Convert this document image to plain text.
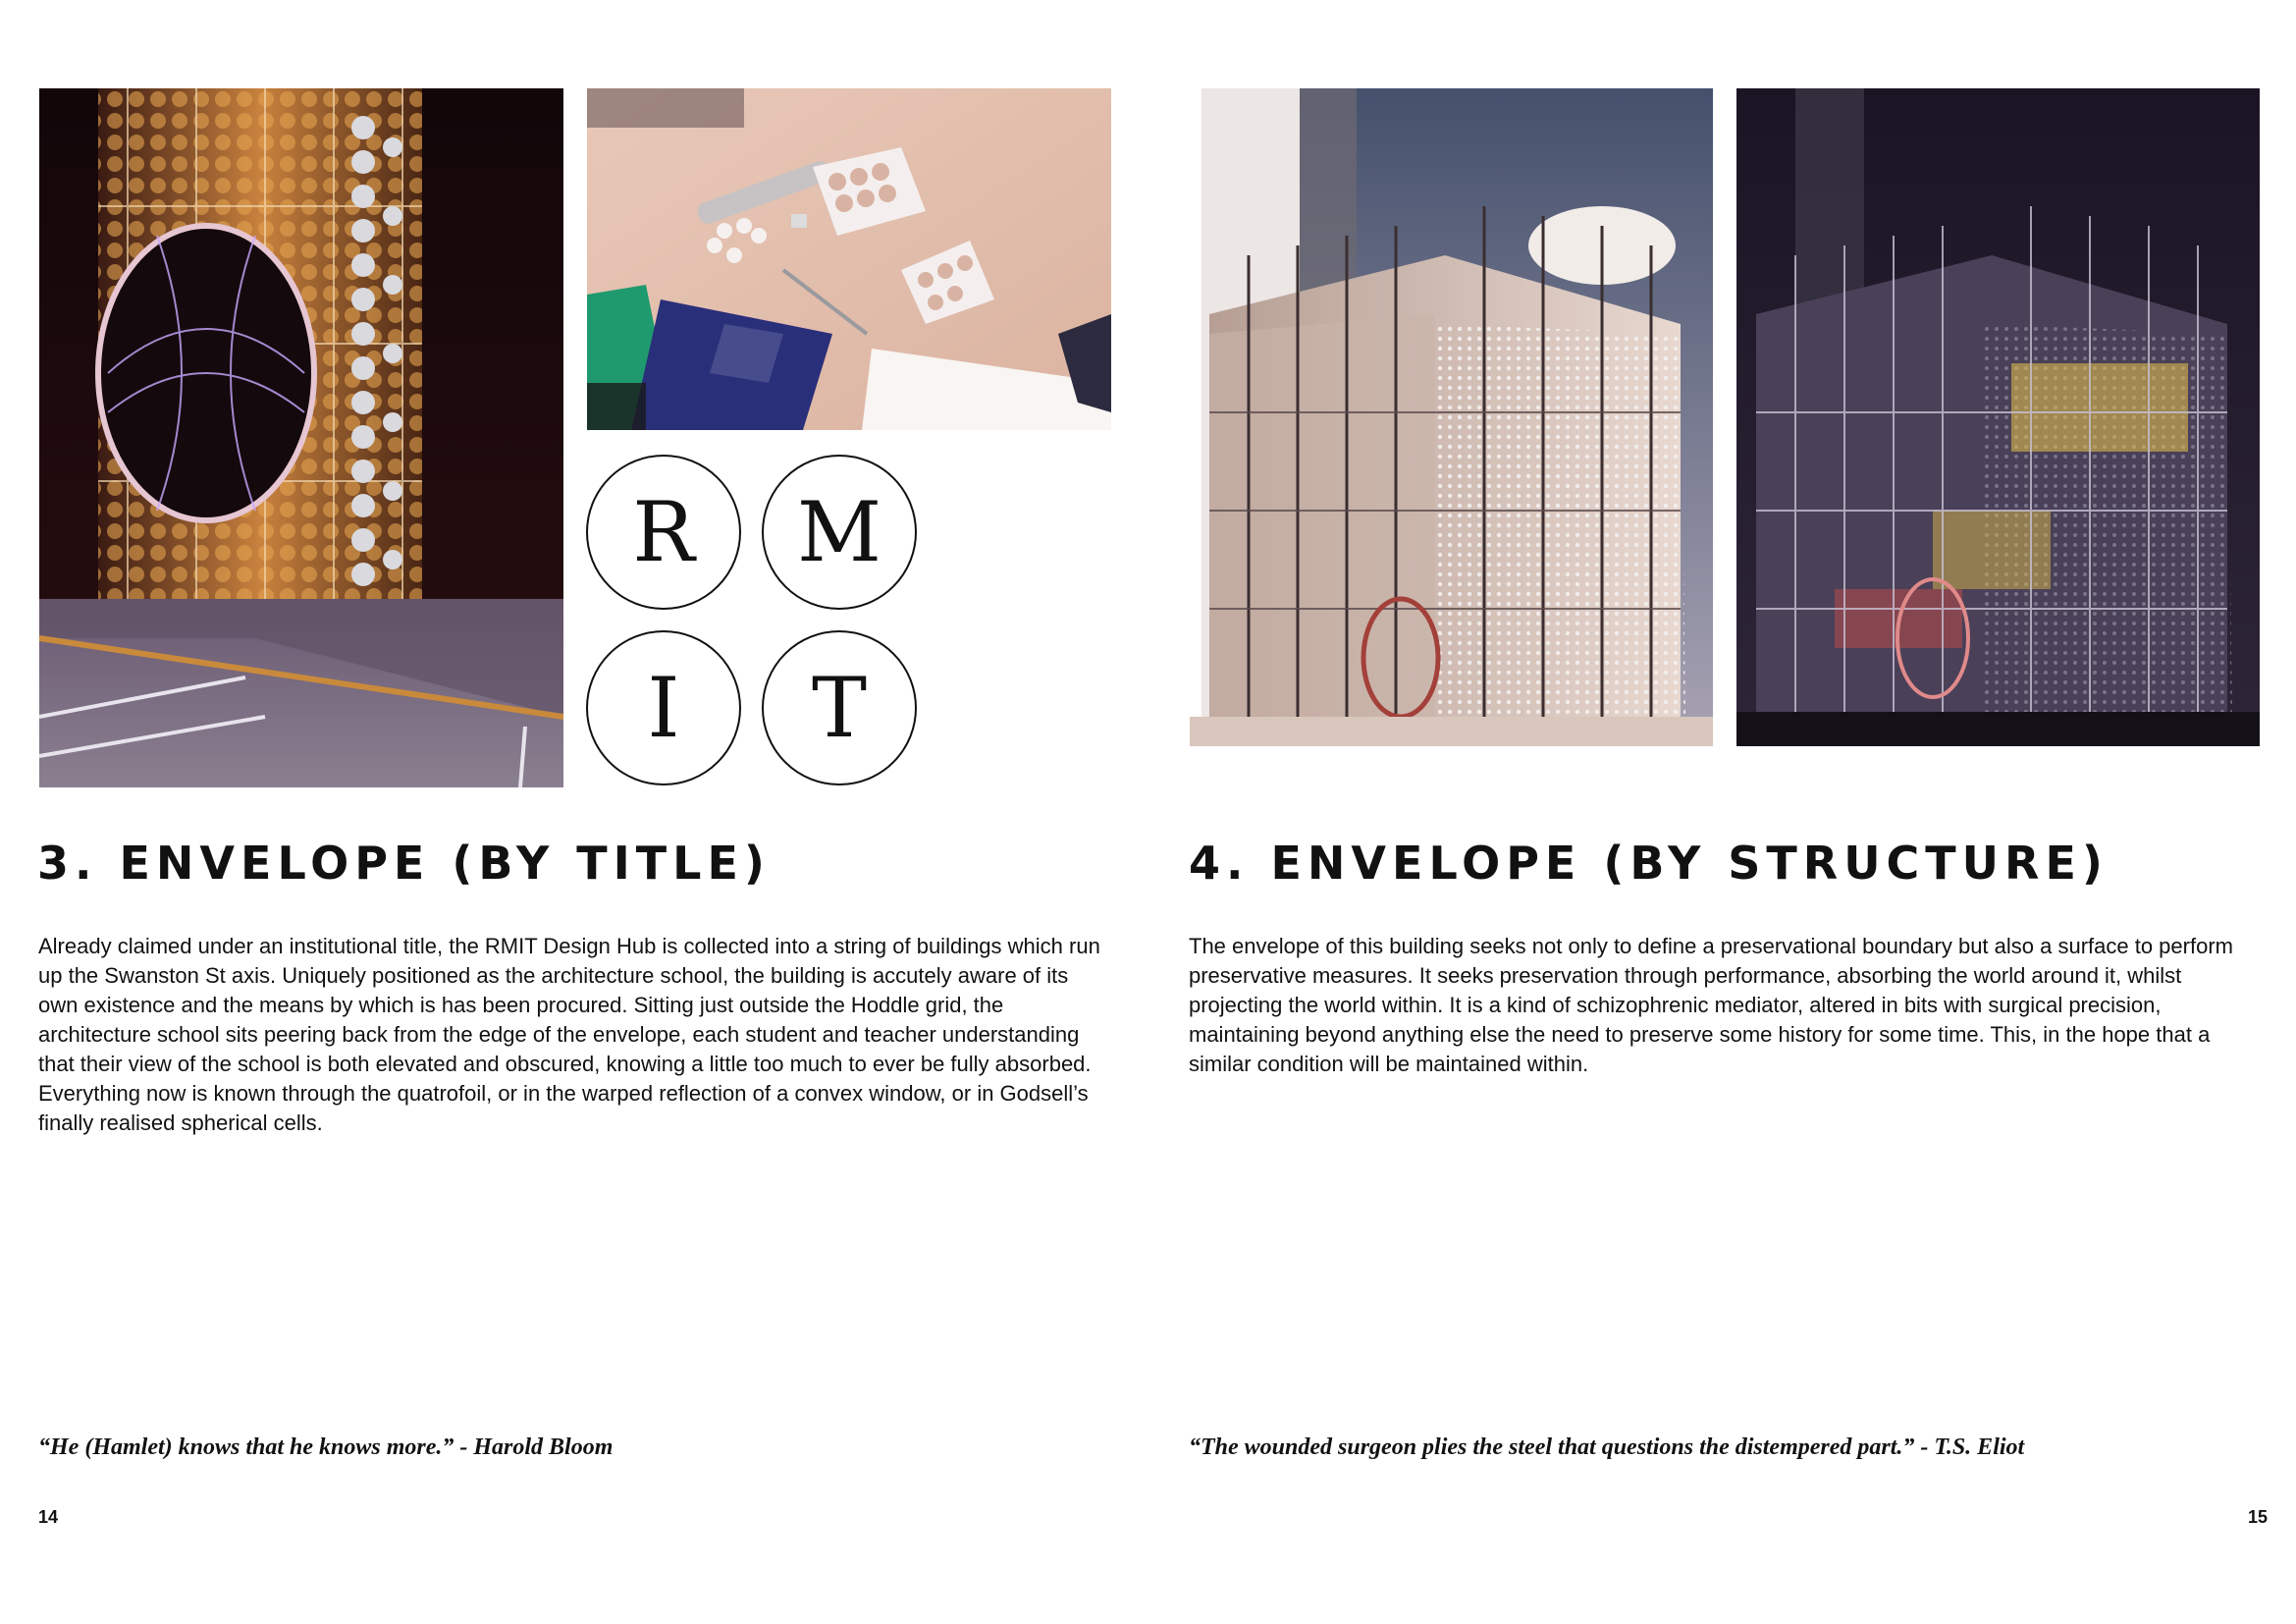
R	M
I	T
3. ENVELOPE (BY TITLE)	4. ENVELOPE (BY STRUCTURE)
Already claimed under an institutional title, the RMIT Design Hub is collected into a string of buildings which run up the Swanston St axis. Uniquely positioned as the architecture school, the building is accutely aware of its own existence and the means by which is has been procured. Sitting just outside the Hoddle grid, the architecture school sits peering back from the edge of the envelope, each student and teacher understanding that their view of the school is both elevated and obscured, knowing a little too much to ever be fully absorbed. Everything now is known through the quatrofoil, or in the warped reflection of a convex window, or in Godsell’s finally realised spherical cells.
The envelope of this building seeks not only to define a preservational boundary but also a surface to perform preservative measures. It seeks preservation through performance, absorbing the world around it, whilst projecting the world within. It is a kind of schizophrenic mediator, altered in bits with surgical precision, maintaining beyond anything else the need to preserve some history for some time. This, in the hope that a similar condition will be maintained within.
“He (Hamlet) knows that he knows more.” - Harold Bloom	“The wounded surgeon plies the steel that questions the distempered part.” - T.S. Eliot
14	15
